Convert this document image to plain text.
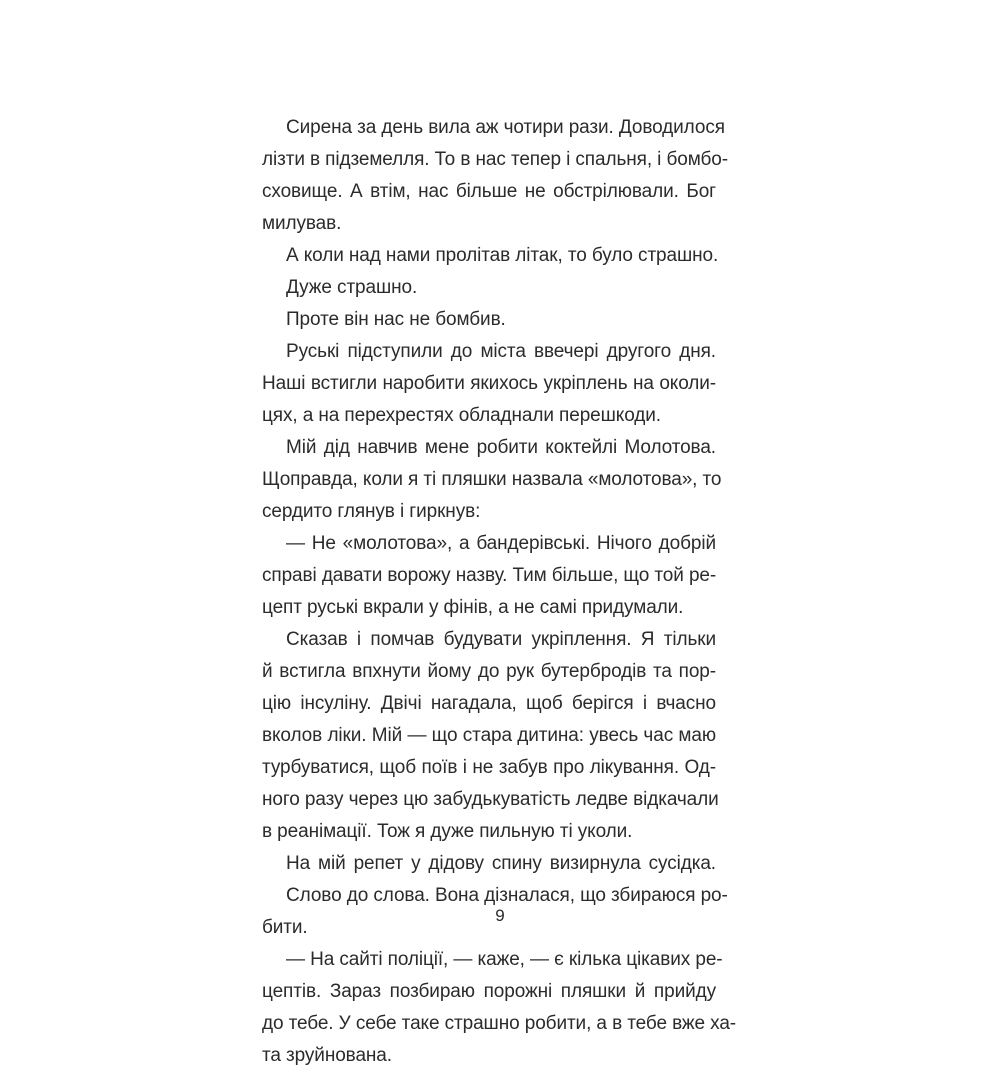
Сирена за день вила аж чотири рази. Доводилося
лізти в підземелля. То в нас тепер і спальня, і бомбо-
сховище. А втім, нас більше не обстрілювали. Бог
милував.
А коли над нами пролітав літак, то було страшно.
Дуже страшно.
Проте він нас не бомбив.
Руські підступили до міста ввечері другого дня.
Наші встигли наробити якихось укріплень на околи-
цях, а на перехрестях обладнали перешкоди.
Мій дід навчив мене робити коктейлі Молотова.
Щоправда, коли я ті пляшки назвала «молотова», то
сердито глянув і гиркнув:
— Не «молотова», а бандерівські. Нічого добрій
справі давати ворожу назву. Тим більше, що той ре-
цепт руські вкрали у фінів, а не самі придумали.
Сказав і помчав будувати укріплення. Я тільки
й встигла впхнути йому до рук бутербродів та пор-
цію інсуліну. Двічі нагадала, щоб берігся і вчасно
вколов ліки. Мій — що стара дитина: увесь час маю
турбуватися, щоб поїв і не забув про лікування. Од-
ного разу через цю забудькуватість ледве відкачали
в реанімації. Тож я дуже пильную ті уколи.
На мій репет у дідову спину визирнула сусідка.
Слово до слова. Вона дізналася, що збираюся ро-
бити.
— На сайті поліції, — каже, — є кілька цікавих ре-
цептів. Зараз позбираю порожні пляшки й прийду
до тебе. У себе таке страшно робити, а в тебе вже ха-
та зруйнована.
9
